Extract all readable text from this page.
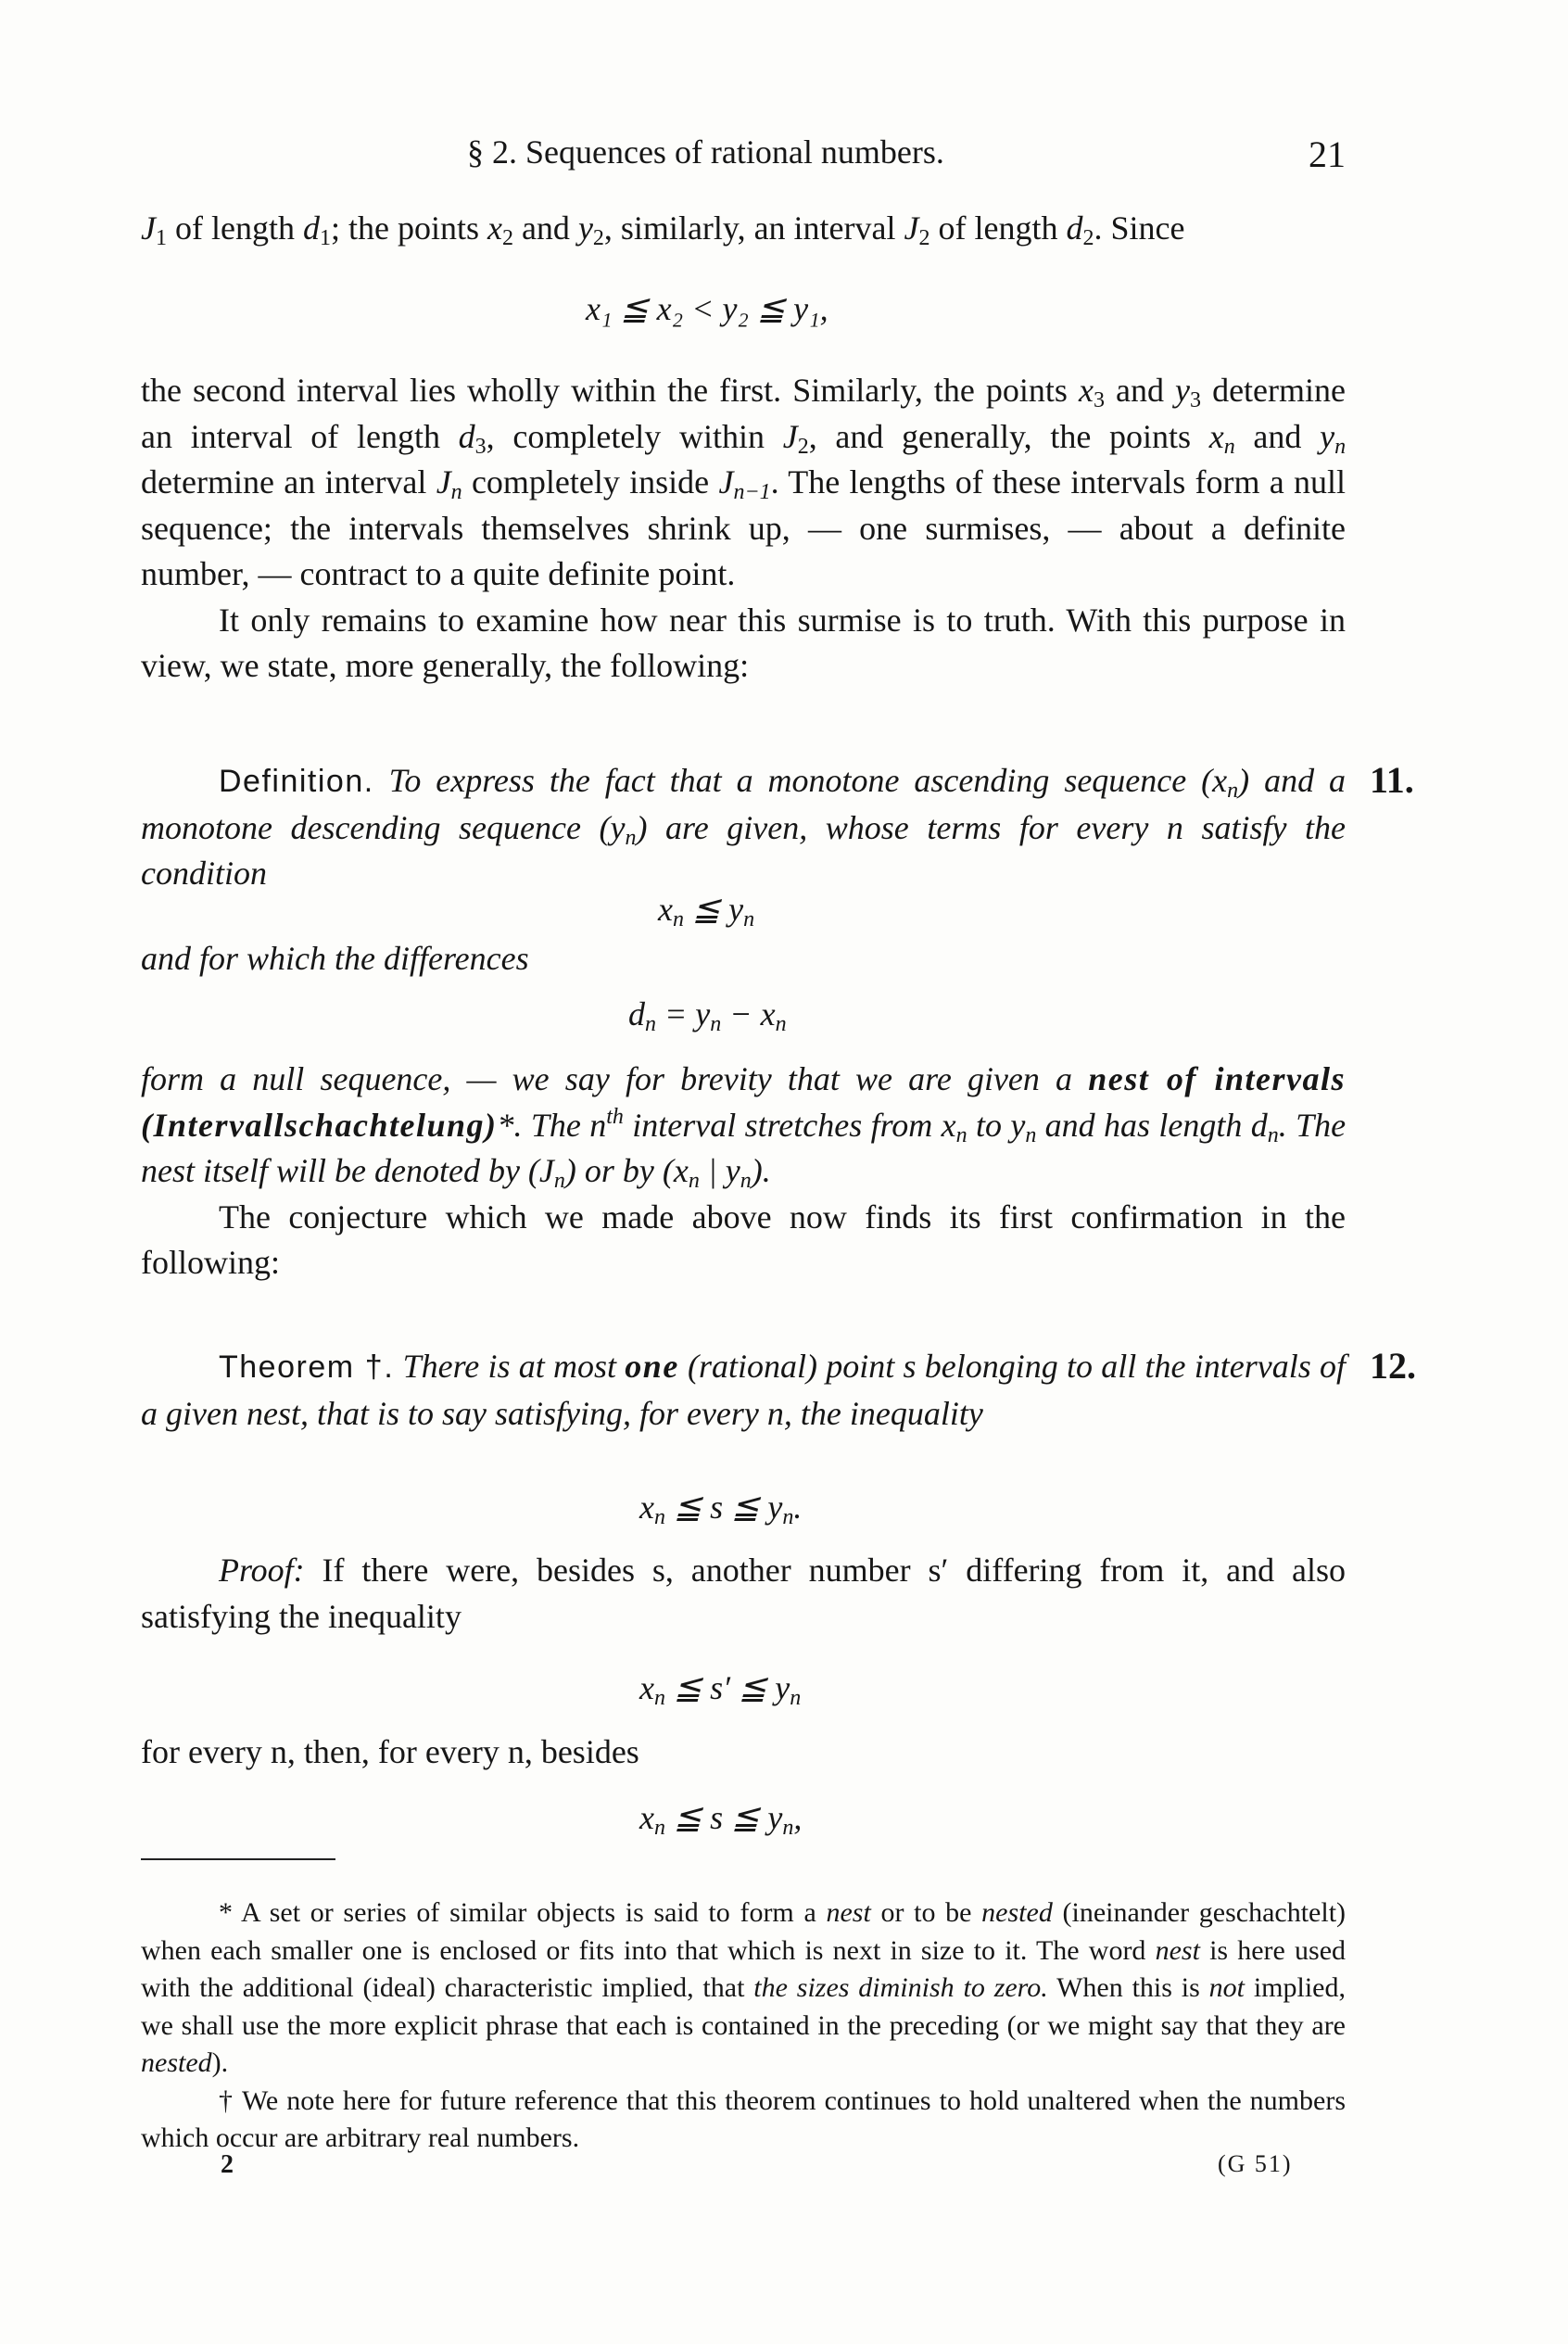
§ 2. Sequences of rational numbers.	21

$J_1$ of length $d_1$; the points $x_2$ and $y_2$, similarly, an interval $J_2$ of length $d_2$. Since

x₁ ≦ x₂ < y₂ ≦ y₁,

the second interval lies wholly within the first. Similarly, the points $x_3$ and $y_3$ determine an interval of length $d_3$, completely within $J_2$, and generally, the points $x_n$ and $y_n$ determine an interval $J_n$ completely inside $J_{n-1}$. The lengths of these intervals form a null sequence; the intervals themselves shrink up, — one surmises, — about a definite number, — contract to a quite definite point.

It only remains to examine how near this surmise is to truth. With this purpose in view, we state, more generally, the following:

11.

Definition. To express the fact that a monotone ascending sequence $(x_n)$ and a monotone descending sequence $(y_n)$ are given, whose terms for every n satisfy the condition

$x_n$ ≦ $y_n$

and for which the differences

$d_n = y_n - x_n$

form a null sequence, — we say for brevity that we are given a nest of intervals (Intervallschachtelung)*. The $n^{th}$ interval stretches from $x_n$ to $y_n$ and has length $d_n$. The nest itself will be denoted by $(J_n)$ or by ($x_n$ | $y_n$).

The conjecture which we made above now finds its first confirmation in the following:

12.

Theorem †. There is at most one (rational) point s belonging to all the intervals of a given nest, that is to say satisfying, for every n, the inequality

$x_n$ ≦ s ≦ $y_n$.

Proof: If there were, besides s, another number s′ differing from it, and also satisfying the inequality

$x_n$ ≦ s′ ≦ $y_n$

for every n, then, for every n, besides

$x_n$ ≦ s ≦ $y_n$,

* A set or series of similar objects is said to form a nest or to be nested (ineinander geschachtelt) when each smaller one is enclosed or fits into that which is next in size to it. The word nest is here used with the additional (ideal) characteristic implied, that the sizes diminish to zero. When this is not implied, we shall use the more explicit phrase that each is contained in the preceding (or we might say that they are nested).

† We note here for future reference that this theorem continues to hold unaltered when the numbers which occur are arbitrary real numbers.

2	(G 51)
